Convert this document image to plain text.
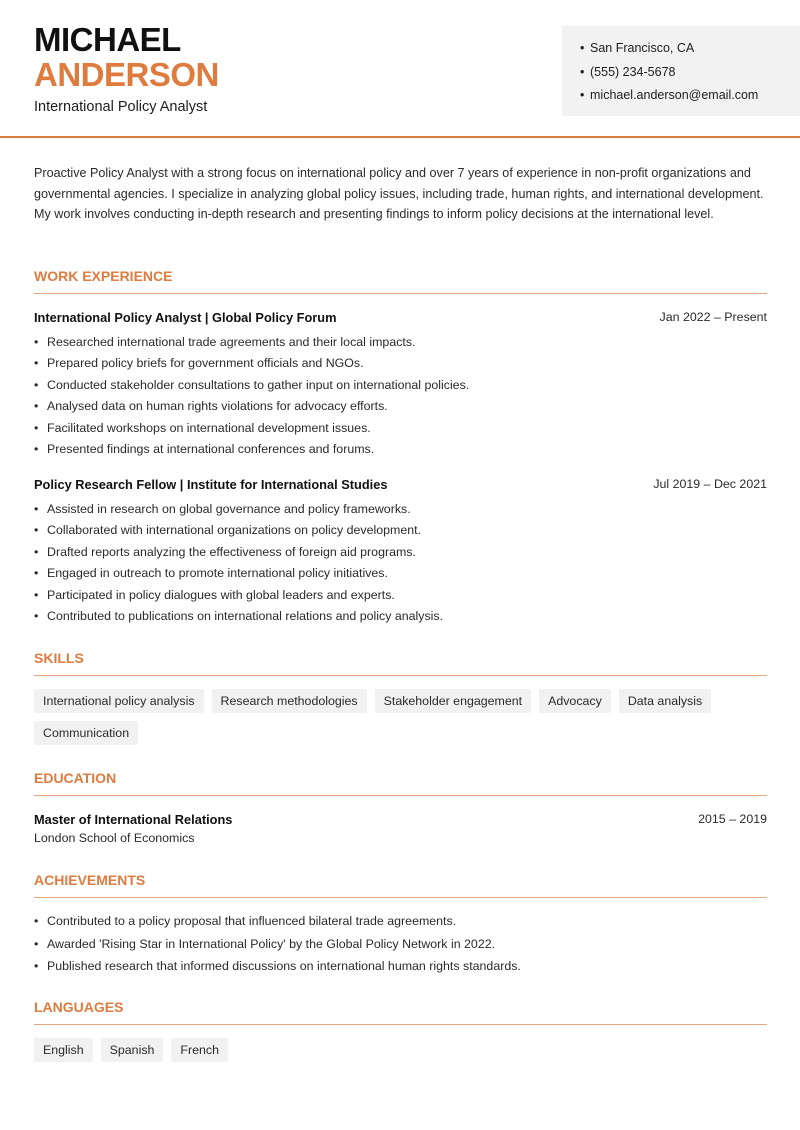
MICHAEL
ANDERSON
International Policy Analyst
• San Francisco, CA
• (555) 234-5678
• michael.anderson@email.com
Proactive Policy Analyst with a strong focus on international policy and over 7 years of experience in non-profit organizations and governmental agencies. I specialize in analyzing global policy issues, including trade, human rights, and international development. My work involves conducting in-depth research and presenting findings to inform policy decisions at the international level.
WORK EXPERIENCE
International Policy Analyst | Global Policy Forum	Jan 2022 – Present
• Researched international trade agreements and their local impacts.
• Prepared policy briefs for government officials and NGOs.
• Conducted stakeholder consultations to gather input on international policies.
• Analysed data on human rights violations for advocacy efforts.
• Facilitated workshops on international development issues.
• Presented findings at international conferences and forums.
Policy Research Fellow | Institute for International Studies	Jul 2019 – Dec 2021
• Assisted in research on global governance and policy frameworks.
• Collaborated with international organizations on policy development.
• Drafted reports analyzing the effectiveness of foreign aid programs.
• Engaged in outreach to promote international policy initiatives.
• Participated in policy dialogues with global leaders and experts.
• Contributed to publications on international relations and policy analysis.
SKILLS
International policy analysis	Research methodologies	Stakeholder engagement	Advocacy	Data analysis
Communication
EDUCATION
Master of International Relations	2015 – 2019
London School of Economics
ACHIEVEMENTS
• Contributed to a policy proposal that influenced bilateral trade agreements.
• Awarded 'Rising Star in International Policy' by the Global Policy Network in 2022.
• Published research that informed discussions on international human rights standards.
LANGUAGES
English	Spanish	French
